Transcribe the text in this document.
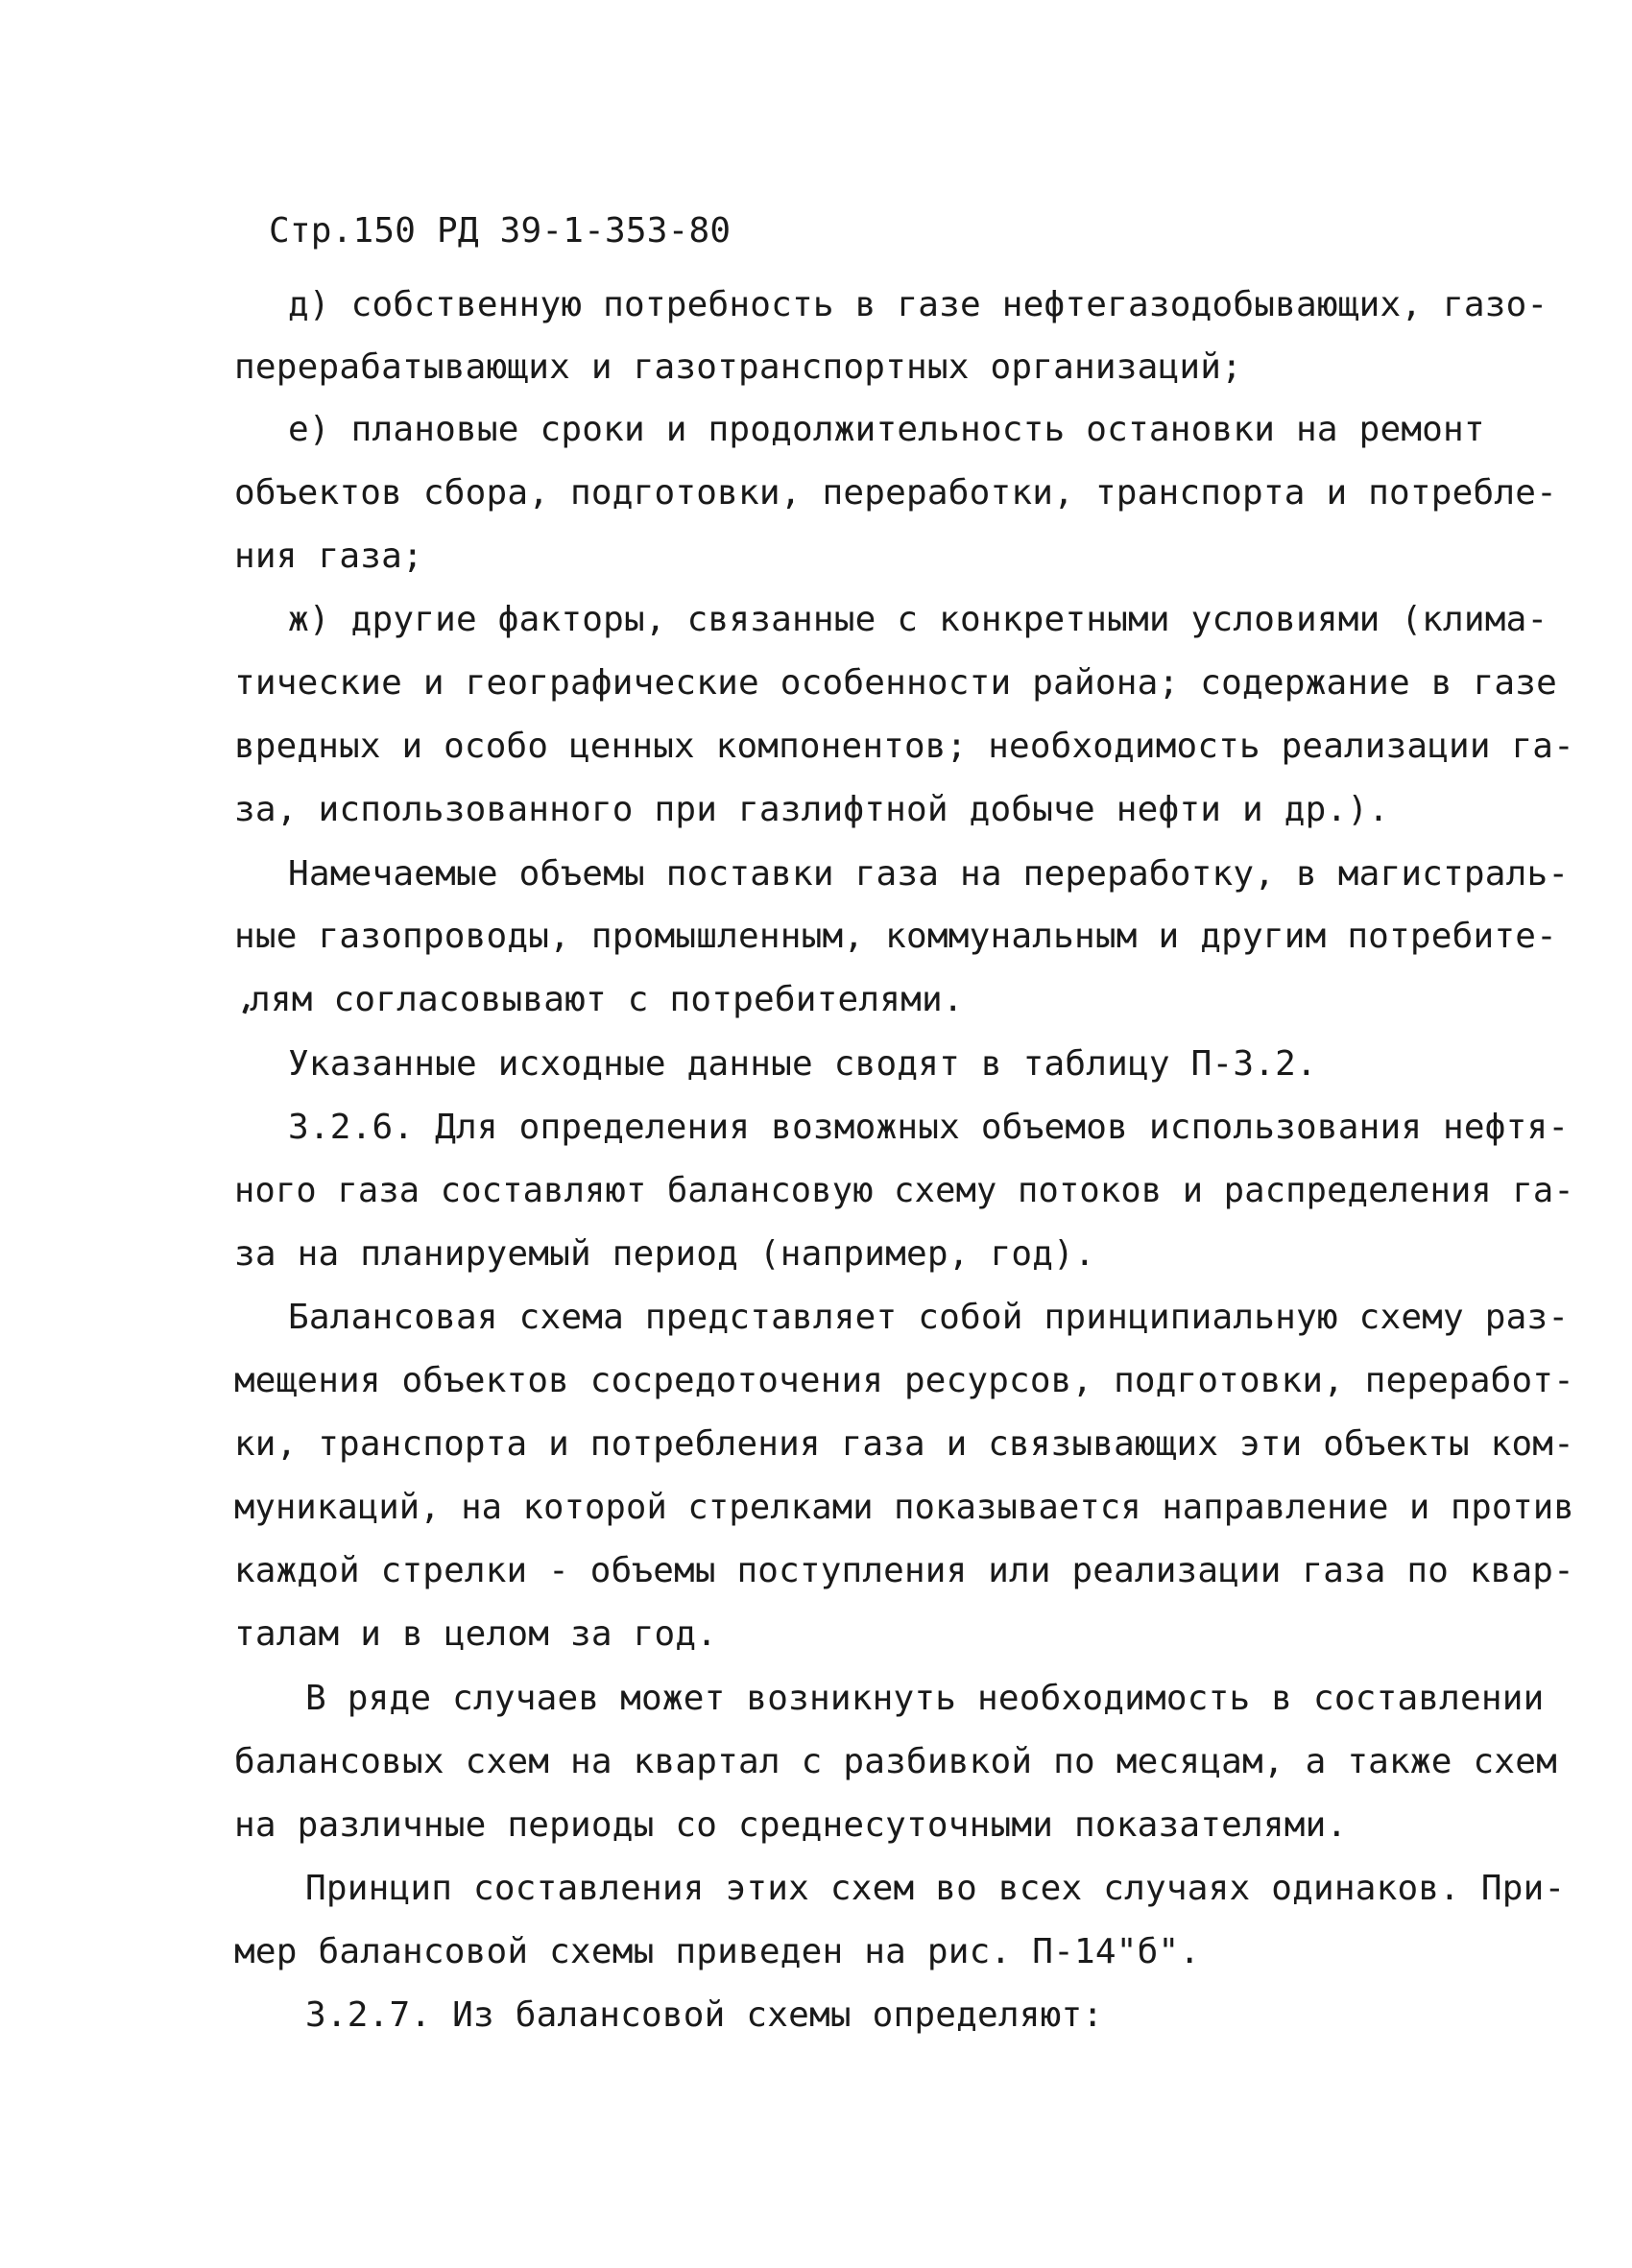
Стр.150 РД 39-1-353-80
д) собственную потребность в газе нефтегазодобывающих, газо-
перерабатывающих и газотранспортных организаций;
е) плановые сроки и продолжительность остановки на ремонт
объектов сбора, подготовки, переработки, транспорта и потребле-
ния газа;
ж) другие факторы, связанные с конкретными условиями (клима-
тические и географические особенности района; содержание в газе
вредных и особо ценных компонентов; необходимость реализации га-
за, использованного при газлифтной добыче нефти и др.).
Намечаемые объемы поставки газа на переработку, в магистраль-
ные газопроводы, промышленным, коммунальным и другим потребите-
лям согласовывают с потребителями.
Указанные исходные данные сводят в таблицу П-3.2.
3.2.6. Для определения возможных объемов использования нефтя-
ного газа составляют балансовую схему потоков и распределения га-
за на планируемый период (например, год).
Балансовая схема представляет собой принципиальную схему раз-
мещения объектов сосредоточения ресурсов, подготовки, переработ-
ки, транспорта и потребления газа и связывающих эти объекты ком-
муникаций, на которой стрелками показывается направление и против
каждой стрелки - объемы поступления или реализации газа по квар-
талам и в целом за год.
В ряде случаев может возникнуть необходимость в составлении
балансовых схем на квартал с разбивкой по месяцам, а также схем
на различные периоды со среднесуточными показателями.
Принцип составления этих схем во всех случаях одинаков. При-
мер балансовой схемы приведен на рис. П-14"б".
3.2.7. Из балансовой схемы определяют:
